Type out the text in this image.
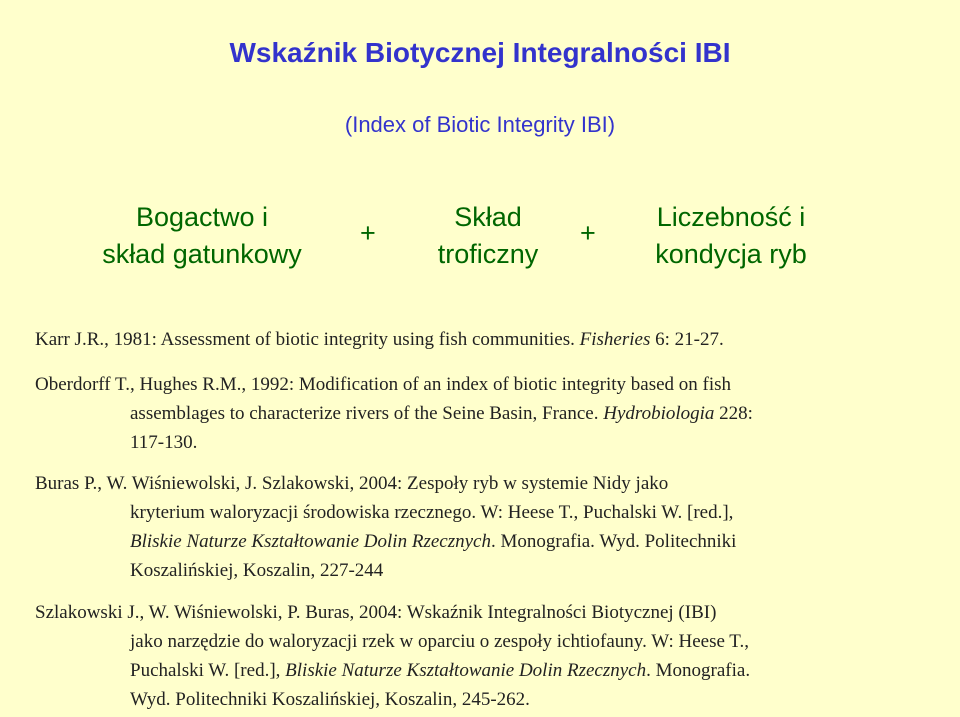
Wskaźnik Biotycznej Integralności IBI
(Index of Biotic Integrity IBI)
Bogactwo i
skład gatunkowy
+
Skład
troficzny
+
Liczebność i
kondycja ryb
Karr J.R., 1981: Assessment of biotic integrity using fish communities. Fisheries 6: 21-27.
Oberdorff T., Hughes R.M., 1992: Modification of an index of biotic integrity based on fish
assemblages to characterize rivers of the Seine Basin, France. Hydrobiologia 228:
117-130.
Buras P., W. Wiśniewolski, J. Szlakowski, 2004: Zespoły ryb w systemie Nidy jako
kryterium waloryzacji środowiska rzecznego. W: Heese T., Puchalski W. [red.],
Bliskie Naturze Kształtowanie Dolin Rzecznych. Monografia. Wyd. Politechniki
Koszalińskiej, Koszalin, 227-244
Szlakowski J., W. Wiśniewolski, P. Buras, 2004: Wskaźnik Integralności Biotycznej (IBI)
jako narzędzie do waloryzacji rzek w oparciu o zespoły ichtiofauny. W: Heese T.,
Puchalski W. [red.], Bliskie Naturze Kształtowanie Dolin Rzecznych. Monografia.
Wyd. Politechniki Koszalińskiej, Koszalin, 245-262.
